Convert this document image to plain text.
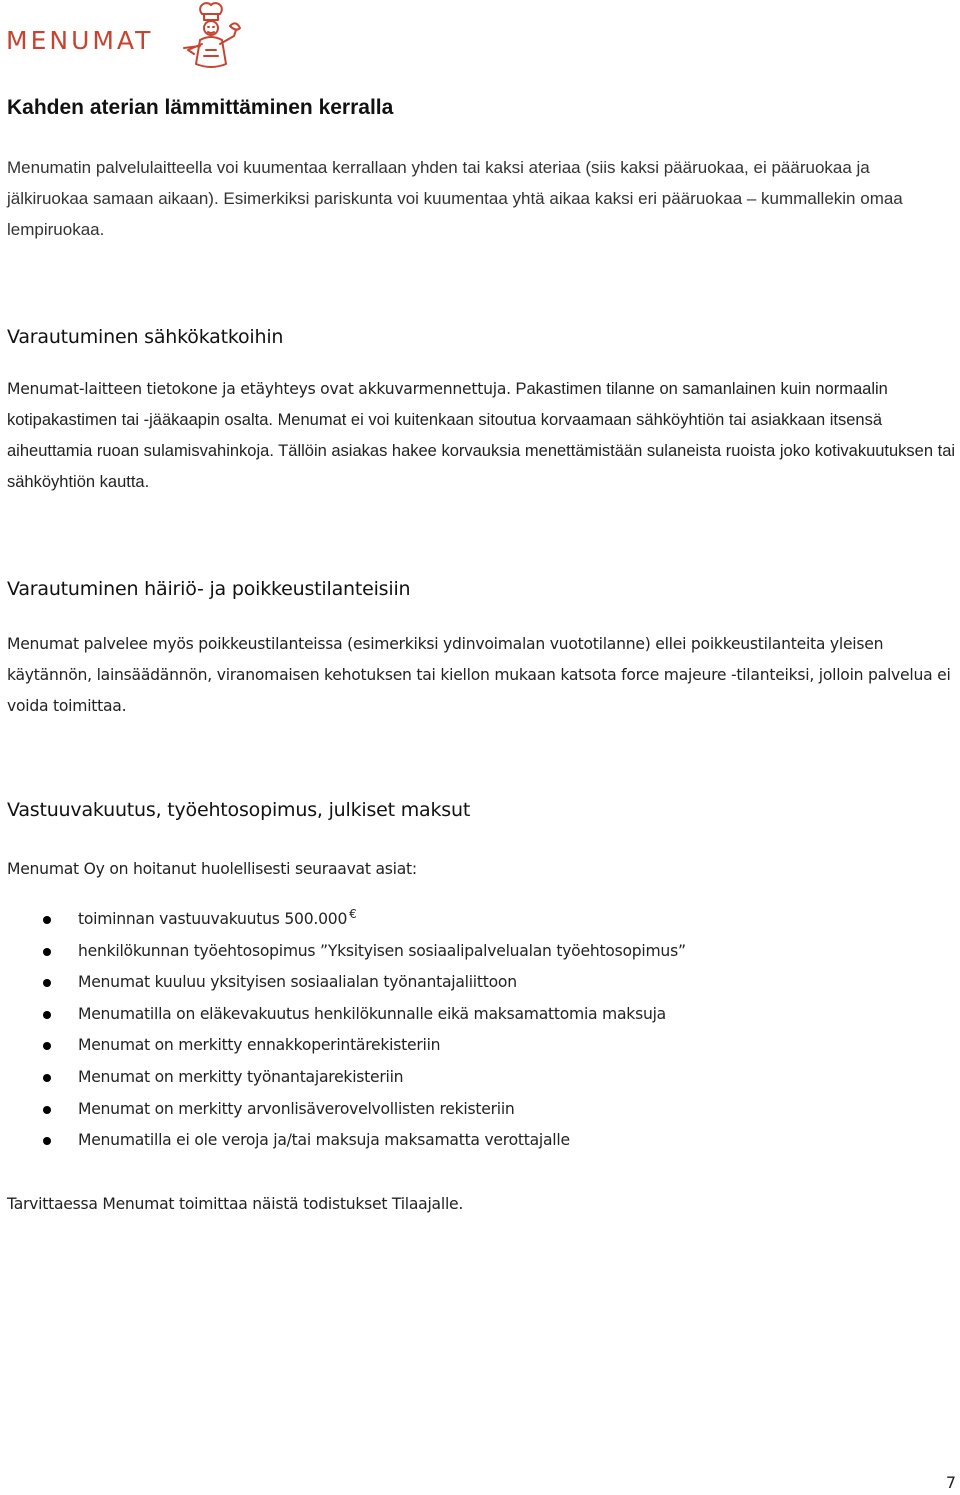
MENUMAT
Kahden aterian lämmittäminen kerralla

Menumatin palvelulaitteella voi kuumentaa kerrallaan yhden tai kaksi ateriaa (siis kaksi pääruokaa, ei pääruokaa ja jälkiruokaa samaan aikaan). Esimerkiksi pariskunta voi kuumentaa yhtä aikaa kaksi eri pääruokaa – kummallekin omaa lempiruokaa.

Varautuminen sähkökatkoihin

Menumat-laitteen tietokone ja etäyhteys ovat akkuvarmennettuja. Pakastimen tilanne on samanlainen kuin normaalin kotipakastimen tai -jääkaapin osalta. Menumat ei voi kuitenkaan sitoutua korvaamaan sähköyhtiön tai asiakkaan itsensä aiheuttamia ruoan sulamisvahinkoja. Tällöin asiakas hakee korvauksia menettämistään sulaneista ruoista joko kotivakuutuksen tai sähköyhtiön kautta.

Varautuminen häiriö- ja poikkeustilanteisiin

Menumat palvelee myös poikkeustilanteissa (esimerkiksi ydinvoimalan vuototilanne) ellei poikkeustilanteita yleisen käytännön, lainsäädännön, viranomaisen kehotuksen tai kiellon mukaan katsota force majeure -tilanteiksi, jolloin palvelua ei voida toimittaa.

Vastuuvakuutus, työehtosopimus, julkiset maksut

Menumat Oy on hoitanut huolellisesti seuraavat asiat:

toiminnan vastuuvakuutus 500.000 €
henkilökunnan työehtosopimus ”Yksityisen sosiaalipalvelualan työehtosopimus”
Menumat kuuluu yksityisen sosiaalialan työnantajaliittoon
Menumatilla on eläkevakuutus henkilökunnalle eikä maksamattomia maksuja
Menumat on merkitty ennakkoperintärekisteriin
Menumat on merkitty työnantajarekisteriin
Menumat on merkitty arvonlisäverovelvollisten rekisteriin
Menumatilla ei ole veroja ja/tai maksuja maksamatta verottajalle

Tarvittaessa Menumat toimittaa näistä todistukset Tilaajalle.

7
